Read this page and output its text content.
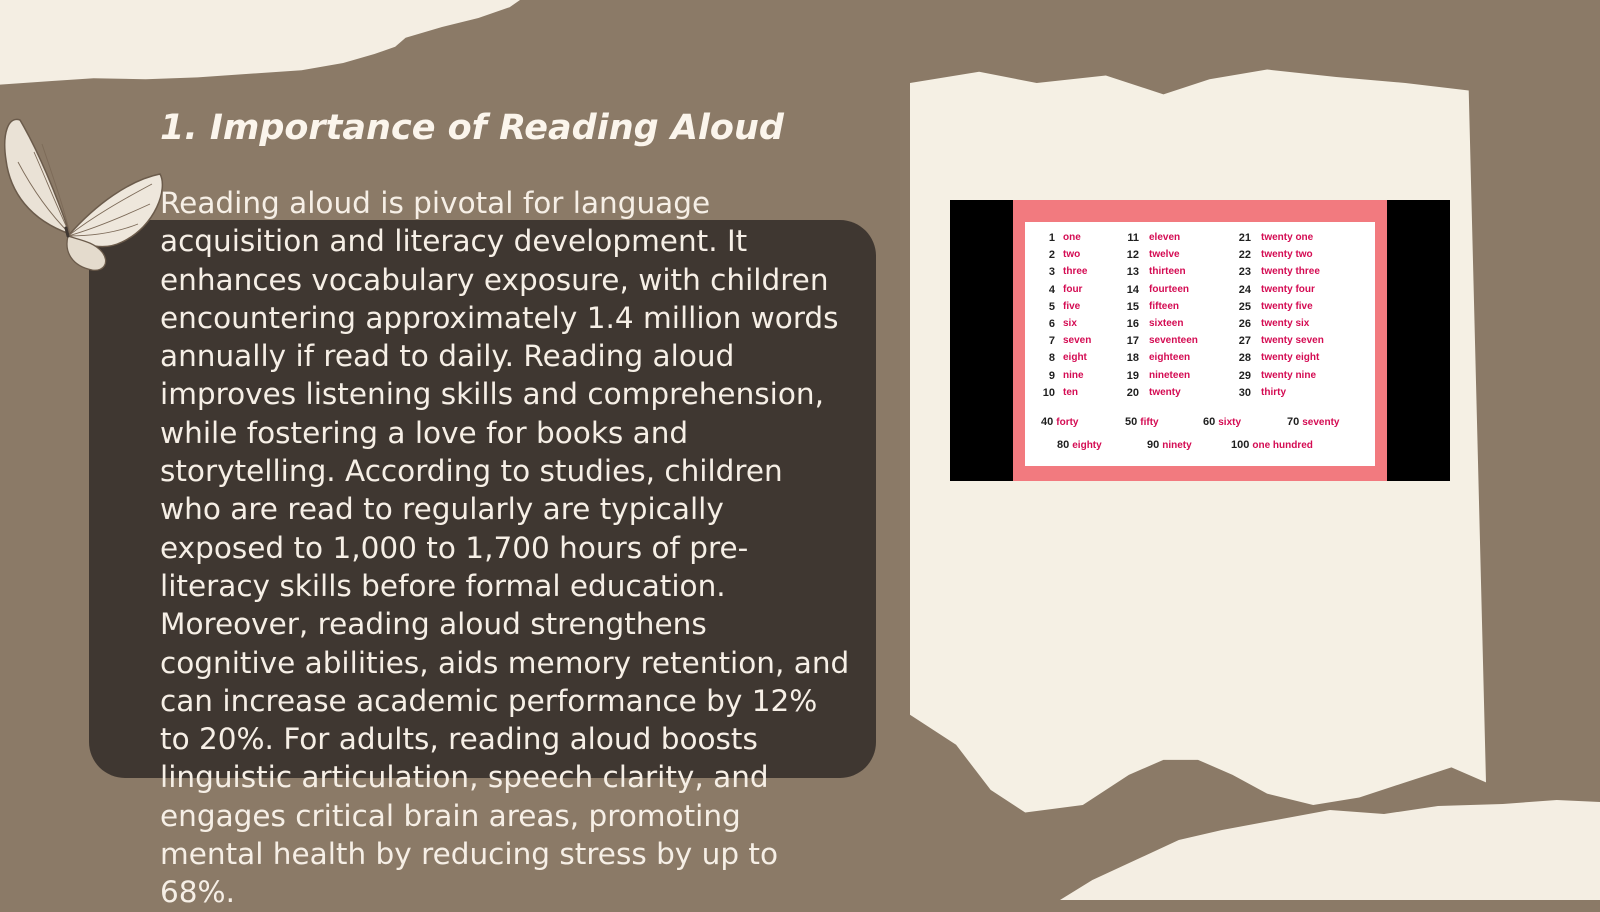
1. Importance of Reading Aloud

Reading aloud is pivotal for language acquisition and literacy development. It enhances vocabulary exposure, with children encountering approximately 1.4 million words annually if read to daily. Reading aloud improves listening skills and comprehension, while fostering a love for books and storytelling. According to studies, children who are read to regularly are typically exposed to 1,000 to 1,700 hours of pre-literacy skills before formal education. Moreover, reading aloud strengthens cognitive abilities, aids memory retention, and can increase academic performance by 12% to 20%. For adults, reading aloud boosts linguistic articulation, speech clarity, and engages critical brain areas, promoting mental health by reducing stress by up to 68%.

1 one	11 eleven	21 twenty one
2 two	12 twelve	22 twenty two
3 three	13 thirteen	23 twenty three
4 four	14 fourteen	24 twenty four
5 five	15 fifteen	25 twenty five
6 six	16 sixteen	26 twenty six
7 seven	17 seventeen	27 twenty seven
8 eight	18 eighteen	28 twenty eight
9 nine	19 nineteen	29 twenty nine
10 ten	20 twenty	30 thirty
40 forty	50 fifty	60 sixty	70 seventy
80 eighty	90 ninety	100 one hundred
